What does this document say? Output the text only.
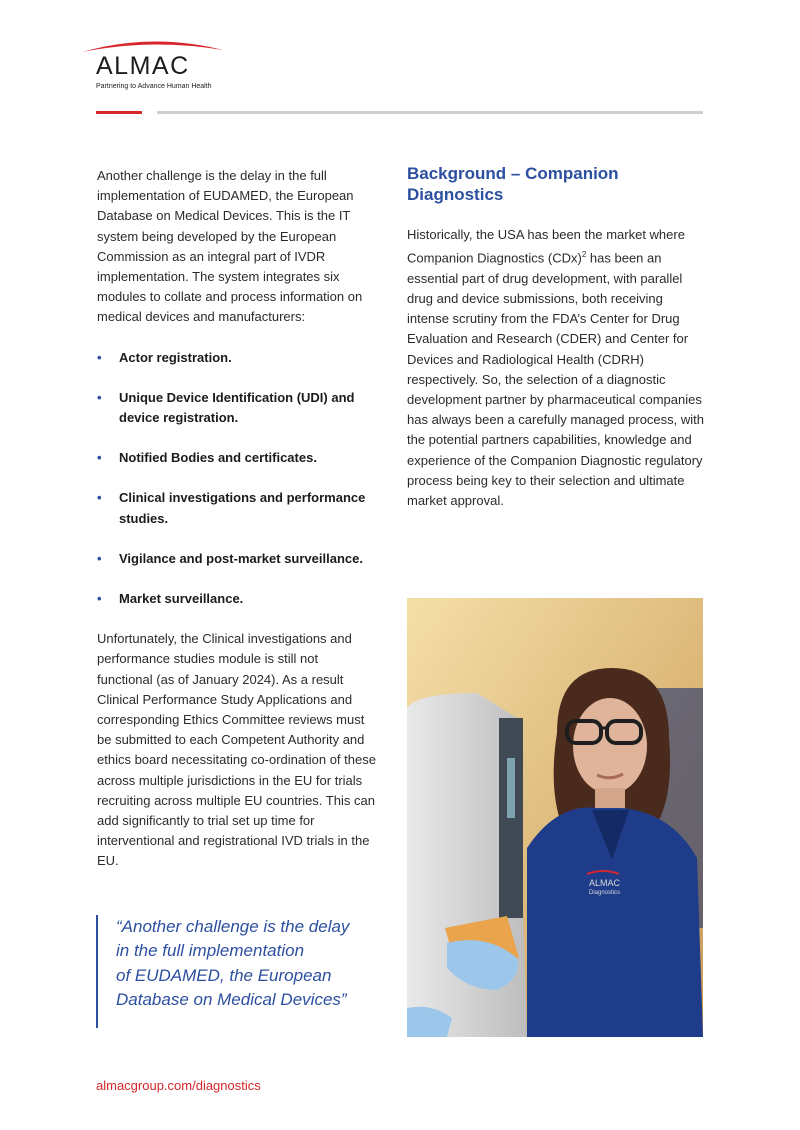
ALMAC
Partnering to Advance Human Health

Another challenge is the delay in the full implementation of EUDAMED, the European Database on Medical Devices. This is the IT system being developed by the European Commission as an integral part of IVDR implementation. The system integrates six modules to collate and process information on medical devices and manufacturers:

• Actor registration.
• Unique Device Identification (UDI) and device registration.
• Notified Bodies and certificates.
• Clinical investigations and performance studies.
• Vigilance and post-market surveillance.
• Market surveillance.

Unfortunately, the Clinical investigations and performance studies module is still not functional (as of January 2024). As a result Clinical Performance Study Applications and corresponding Ethics Committee reviews must be submitted to each Competent Authority and ethics board necessitating co-ordination of these across multiple jurisdictions in the EU for trials recruiting across multiple EU countries. This can add significantly to trial set up time for interventional and registrational IVD trials in the EU.

“Another challenge is the delay
in the full implementation
of EUDAMED, the European
Database on Medical Devices”
Background – Companion Diagnostics

Historically, the USA has been the market where Companion Diagnostics (CDx)$^2$ has been an essential part of drug development, with parallel drug and device submissions, both receiving intense scrutiny from the FDA’s Center for Drug Evaluation and Research (CDER) and Center for Devices and Radiological Health (CDRH) respectively. So, the selection of a diagnostic development partner by pharmaceutical companies has always been a carefully managed process, with the potential partners capabilities, knowledge and experience of the Companion Diagnostic regulatory process being key to their selection and ultimate market approval.

ALMAC
Diagnostics
almacgroup.com/diagnostics
